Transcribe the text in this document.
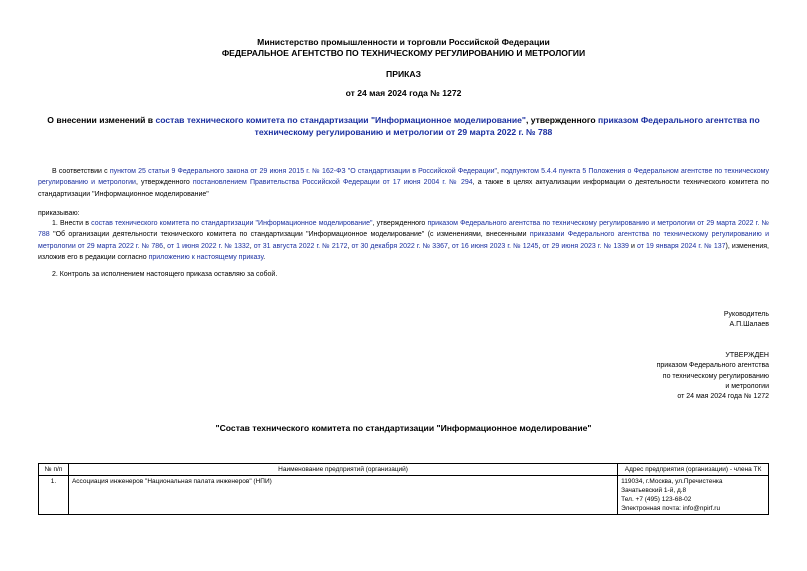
Министерство промышленности и торговли Российской Федерации
ФЕДЕРАЛЬНОЕ АГЕНТСТВО ПО ТЕХНИЧЕСКОМУ РЕГУЛИРОВАНИЮ И МЕТРОЛОГИИ
ПРИКАЗ
от 24 мая 2024 года № 1272
О внесении изменений в состав технического комитета по стандартизации "Информационное моделирование", утвержденного приказом Федерального агентства по техническому регулированию и метрологии от 29 марта 2022 г. № 788
В соответствии с пунктом 25 статьи 9 Федерального закона от 29 июня 2015 г. № 162-ФЗ "О стандартизации в Российской Федерации", подпунктом 5.4.4 пункта 5 Положения о Федеральном агентстве по техническому регулированию и метрологии, утвержденного постановлением Правительства Российской Федерации от 17 июня 2004 г. № 294, а также в целях актуализации информации о деятельности технического комитета по стандартизации "Информационное моделирование"
приказываю:
1. Внести в состав технического комитета по стандартизации "Информационное моделирование", утвержденного приказом Федерального агентства по техническому регулированию и метрологии от 29 марта 2022 г. № 788 "Об организации деятельности технического комитета по стандартизации "Информационное моделирование" (с изменениями, внесенными приказами Федерального агентства по техническому регулированию и метрологии от 29 марта 2022 г. № 786, от 1 июня 2022 г. № 1332, от 31 августа 2022 г. № 2172, от 30 декабря 2022 г. № 3367, от 16 июня 2023 г. № 1245, от 29 июня 2023 г. № 1339 и от 19 января 2024 г. № 137), изменения, изложив его в редакции согласно приложению к настоящему приказу.
2. Контроль за исполнением настоящего приказа оставляю за собой.
Руководитель
А.П.Шалаев
УТВЕРЖДЕН
приказом Федерального агентства
по техническому регулированию
и метрологии
от 24 мая 2024 года № 1272
"Состав технического комитета по стандартизации "Информационное моделирование"
№ п/п	Наименование предприятий (организаций)	Адрес предприятия (организации) - члена ТК
1.	Ассоциация инженеров "Национальная палата инженеров" (НПИ)	119034, г.Москва, ул.Пречистенка
Зачатьевский 1-й, д.8
Тел. +7 (495) 123-68-02
Электронная почта: info@npirf.ru
